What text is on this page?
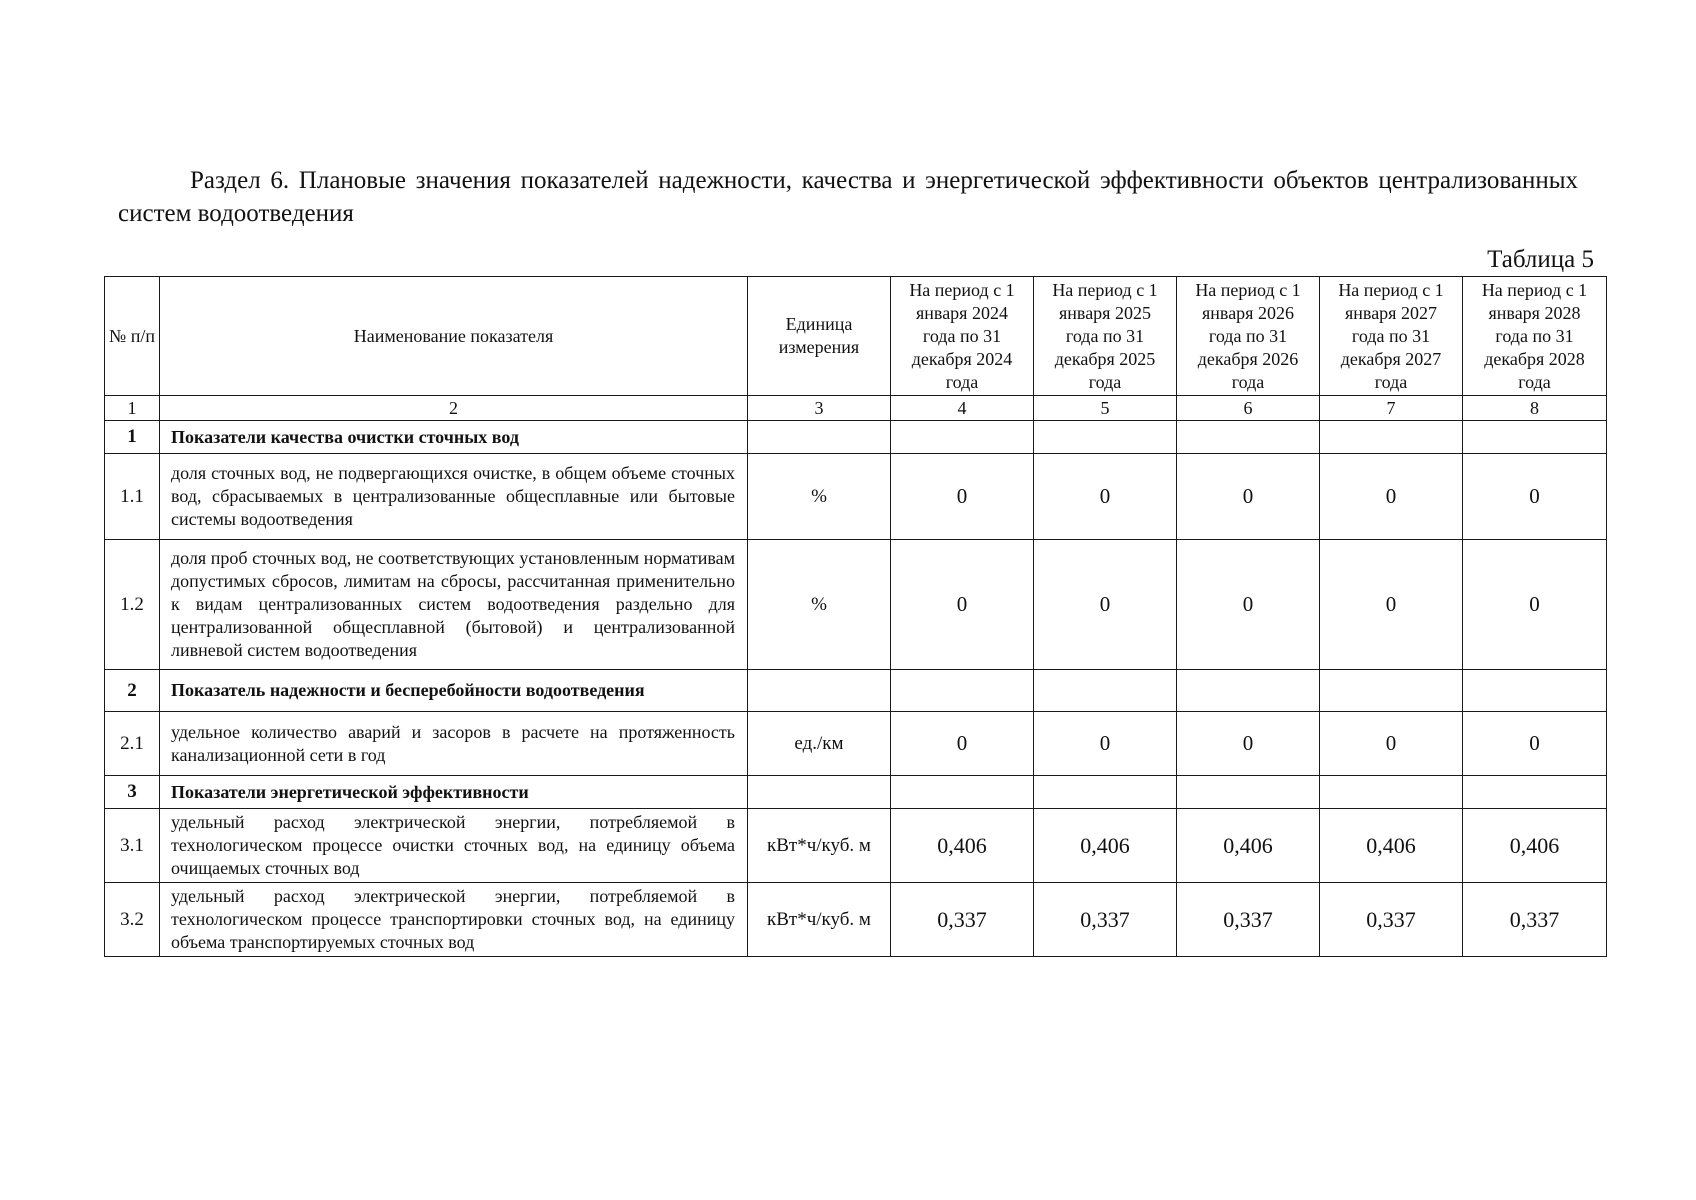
Раздел 6. Плановые значения показателей надежности, качества и энергетической эффективности объектов централизованных систем водоотведения
Таблица 5
№ п/п	Наименование показателя	Единица измерения	На период с 1 января 2024 года по 31 декабря 2024 года	На период с 1 января 2025 года по 31 декабря 2025 года	На период с 1 января 2026 года по 31 декабря 2026 года	На период с 1 января 2027 года по 31 декабря 2027 года	На период с 1 января 2028 года по 31 декабря 2028 года
1	2	3	4	5	6	7	8
1	Показатели качества очистки сточных вод						
1.1	доля сточных вод, не подвергающихся очистке, в общем объеме сточных вод, сбрасываемых в централизованные общесплавные или бытовые системы водоотведения	%	0	0	0	0	0
1.2	доля проб сточных вод, не соответствующих установленным нормативам допустимых сбросов, лимитам на сбросы, рассчитанная применительно к видам централизованных систем водоотведения раздельно для централизованной общесплавной (бытовой) и централизованной ливневой систем водоотведения	%	0	0	0	0	0
2	Показатель надежности и бесперебойности водоотведения						
2.1	удельное количество аварий и засоров в расчете на протяженность канализационной сети в год	ед./км	0	0	0	0	0
3	Показатели энергетической эффективности						
3.1	удельный расход электрической энергии, потребляемой в технологическом процессе очистки сточных вод, на единицу объема очищаемых сточных вод	кВт*ч/куб. м	0,406	0,406	0,406	0,406	0,406
3.2	удельный расход электрической энергии, потребляемой в технологическом процессе транспортировки сточных вод, на единицу объема транспортируемых сточных вод	кВт*ч/куб. м	0,337	0,337	0,337	0,337	0,337
